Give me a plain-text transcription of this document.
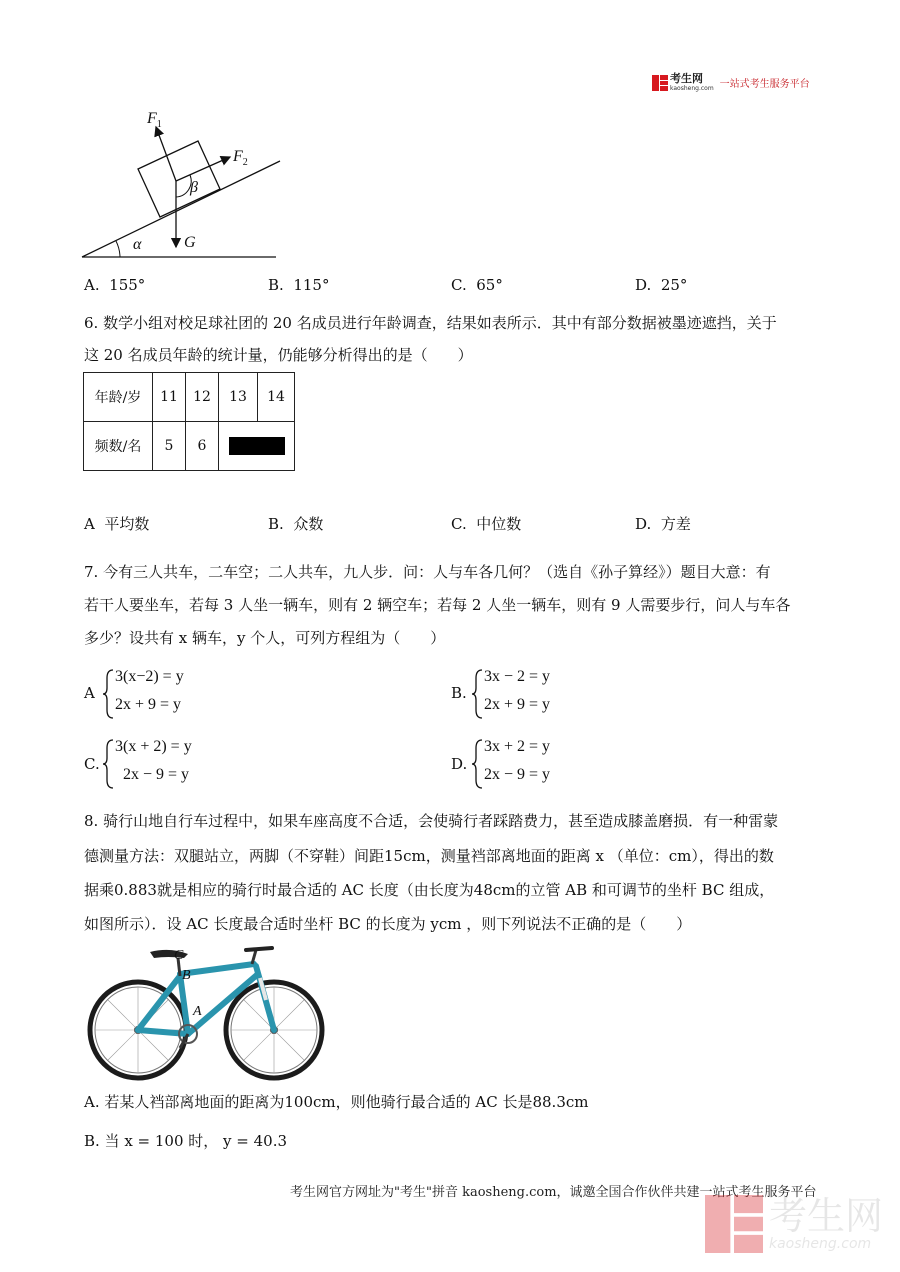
考生网
kaosheng.com 一站式考生服务平台
$F_1$
$F_2$
β
α	G
A. 155°	B. 115°	C. 65°	D. 25°
6. 数学小组对校足球社团的 20 名成员进行年龄调查，结果如表所示．其中有部分数据被墨迹遮挡，关于
这 20 名成员年龄的统计量，仍能够分析得出的是（　　）
年龄/岁	11	12	13	14
频数/名	5	6		
A 平均数	B. 众数	C. 中位数	D. 方差
7. 今有三人共车，二车空；二人共车，九人步．问：人与车各几何？（选自《孙子算经》）题目大意：有
若干人要坐车，若每 3 人坐一辆车，则有 2 辆空车；若每 2 人坐一辆车，则有 9 人需要步行，问人与车各
多少？设共有 x 辆车，y 个人，可列方程组为（　　）
A
3(x−2) = y
2x + 9 = y
B.
3x − 2 = y
2x + 9 = y
C.
3(x + 2) = y
2x − 9 = y
D.
3x + 2 = y
2x − 9 = y
8. 骑行山地自行车过程中，如果车座高度不合适，会使骑行者踩踏费力，甚至造成膝盖磨损．有一种雷蒙
德测量方法：双腿站立，两脚（不穿鞋）间距15cm，测量裆部离地面的距离 x （单位：cm），得出的数
据乘0.883就是相应的骑行时最合适的 AC 长度（由长度为48cm的立管 AB 和可调节的坐杆 BC 组成，
如图所示）．设 AC 长度最合适时坐杆 BC 的长度为 ycm ，则下列说法不正确的是（　　）
C
B
A
A. 若某人裆部离地面的距离为100cm，则他骑行最合适的 AC 长是88.3cm
B. 当 x = 100 时， y = 40.3
考生网官方网址为"考生"拼音 kaosheng.com，诚邀全国合作伙伴共建一站式考生服务平台
考生网
kaosheng.com
